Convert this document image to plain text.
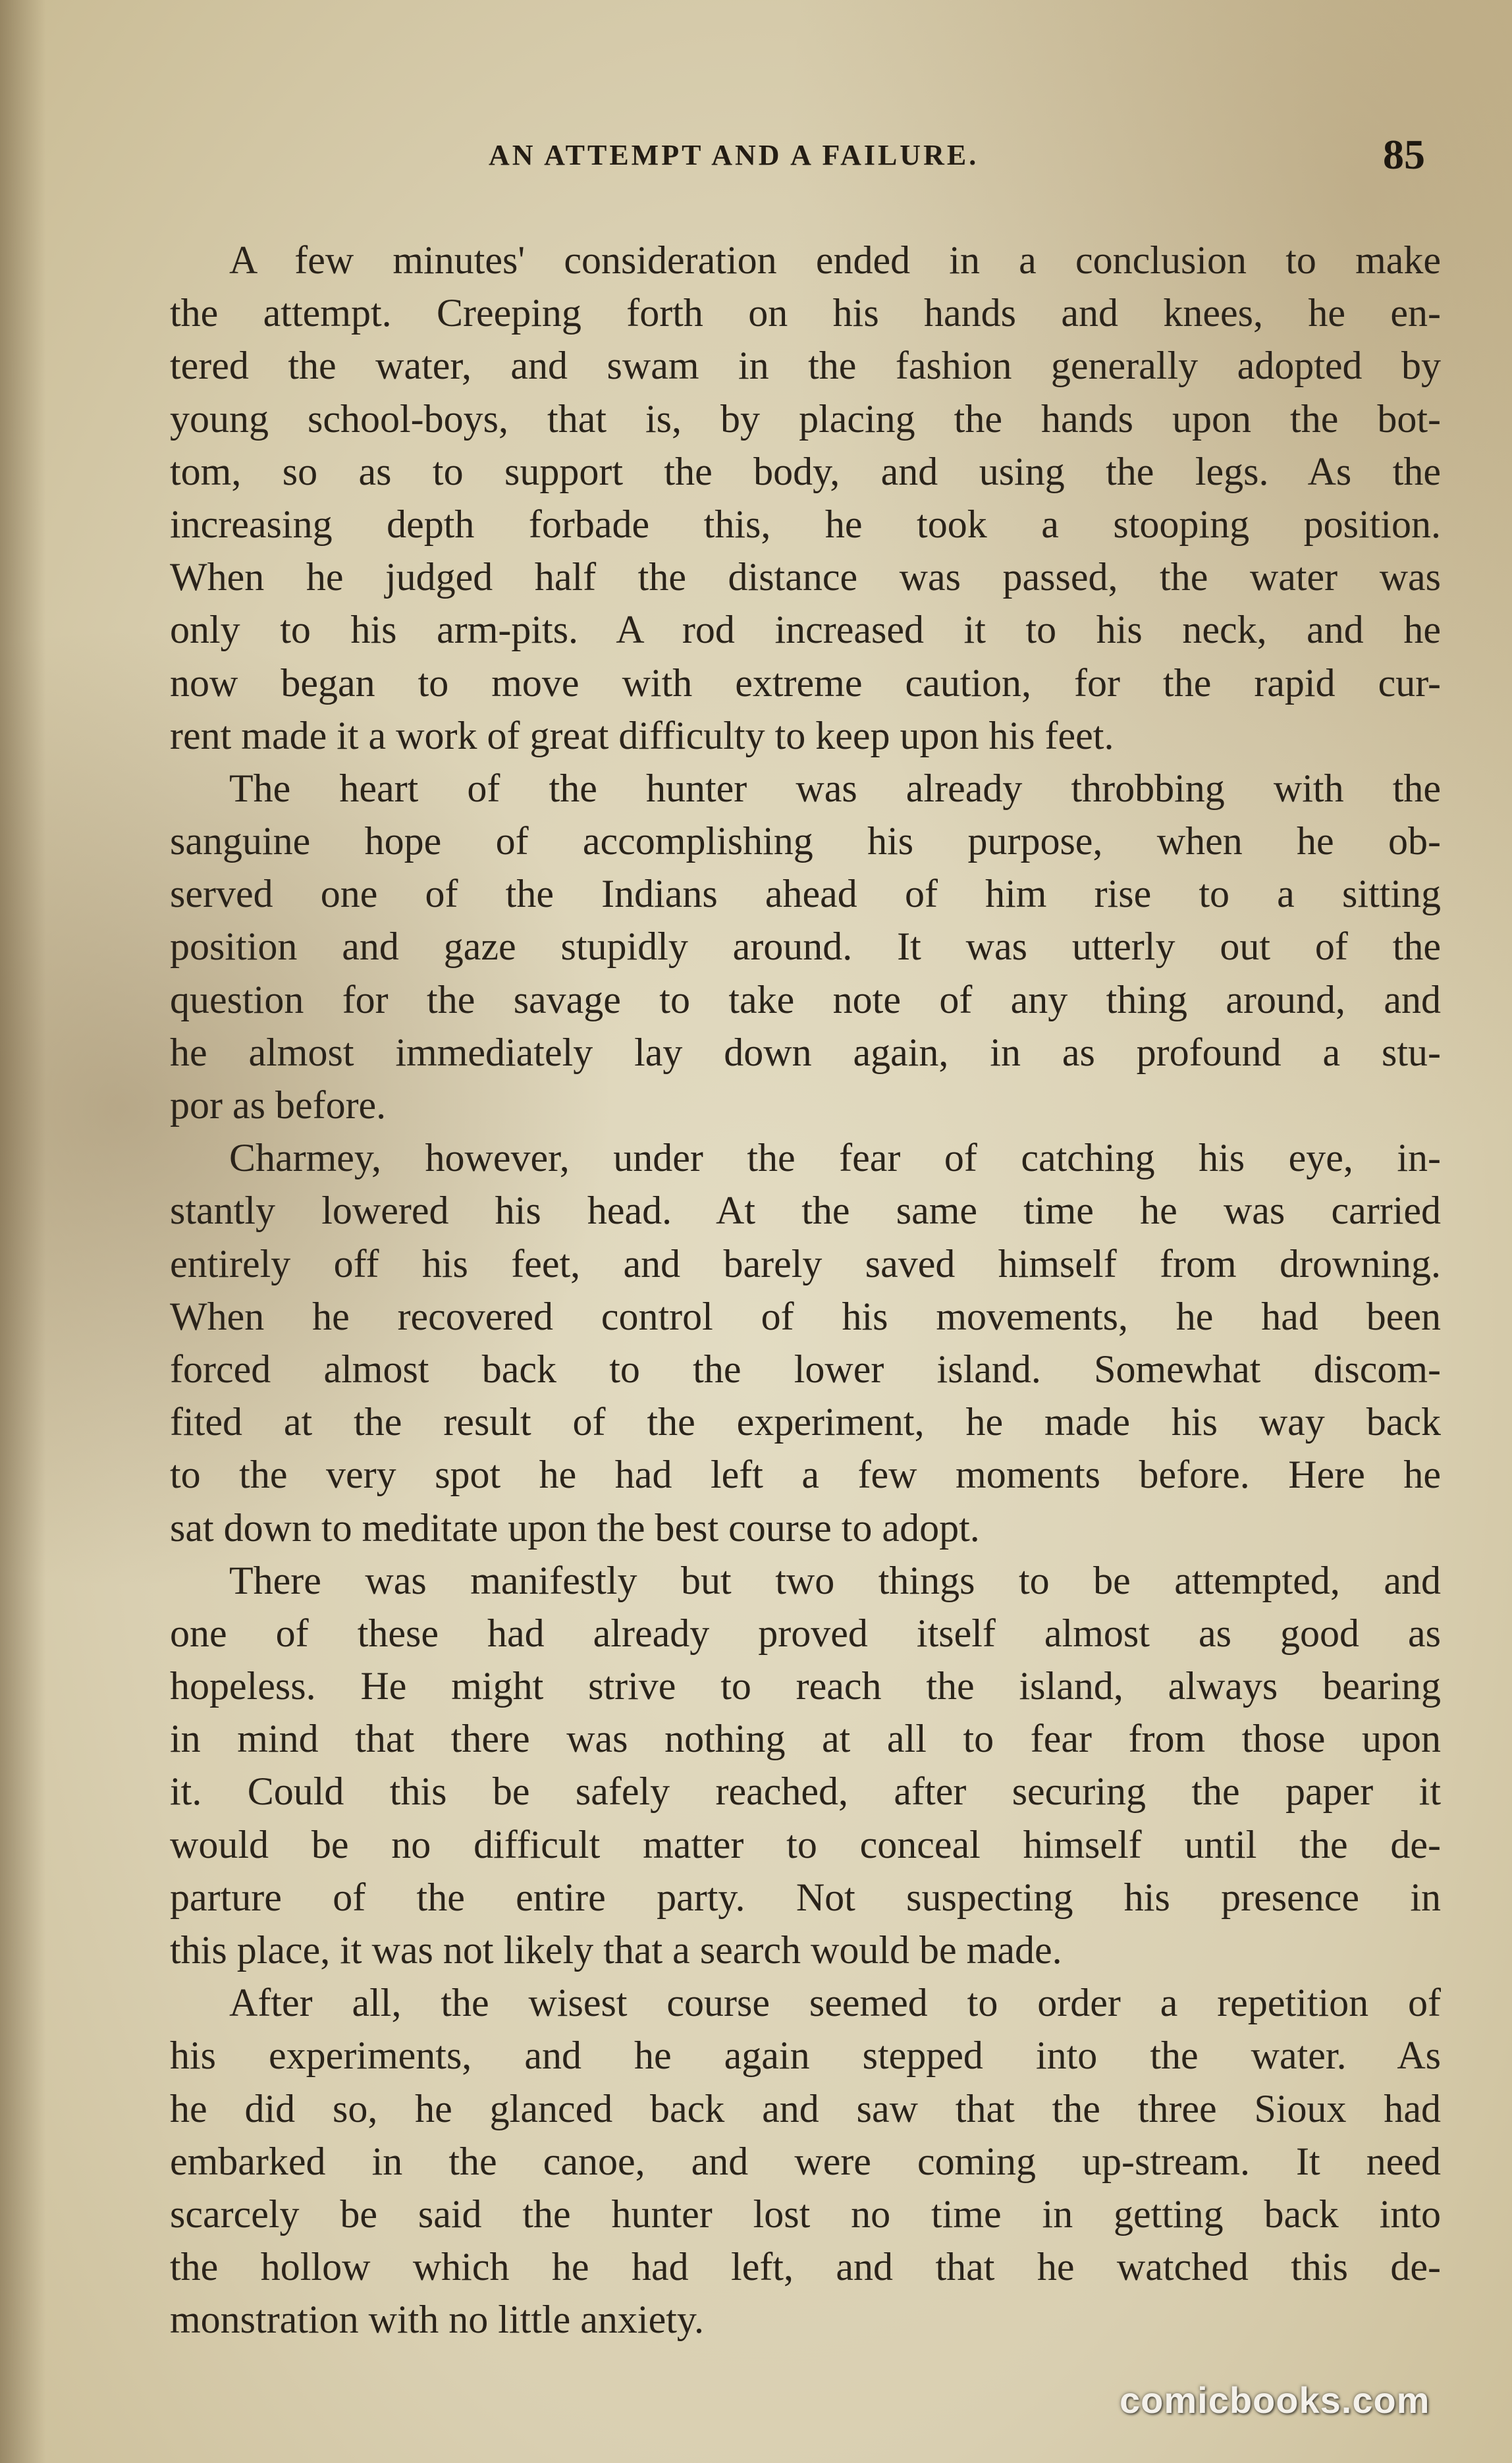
AN ATTEMPT AND A FAILURE.	85

A few minutes' consideration ended in a conclusion to make
the attempt. Creeping forth on his hands and knees, he en-
tered the water, and swam in the fashion generally adopted by
young school-boys, that is, by placing the hands upon the bot-
tom, so as to support the body, and using the legs. As the
increasing depth forbade this, he took a stooping position.
When he judged half the distance was passed, the water was
only to his arm-pits. A rod increased it to his neck, and he
now began to move with extreme caution, for the rapid cur-
rent made it a work of great difficulty to keep upon his feet.

The heart of the hunter was already throbbing with the
sanguine hope of accomplishing his purpose, when he ob-
served one of the Indians ahead of him rise to a sitting
position and gaze stupidly around. It was utterly out of the
question for the savage to take note of any thing around, and
he almost immediately lay down again, in as profound a stu-
por as before.

Charmey, however, under the fear of catching his eye, in-
stantly lowered his head. At the same time he was carried
entirely off his feet, and barely saved himself from drowning.
When he recovered control of his movements, he had been
forced almost back to the lower island. Somewhat discom-
fited at the result of the experiment, he made his way back
to the very spot he had left a few moments before. Here he
sat down to meditate upon the best course to adopt.

There was manifestly but two things to be attempted, and
one of these had already proved itself almost as good as
hopeless. He might strive to reach the island, always bearing
in mind that there was nothing at all to fear from those upon
it. Could this be safely reached, after securing the paper it
would be no difficult matter to conceal himself until the de-
parture of the entire party. Not suspecting his presence in
this place, it was not likely that a search would be made.

After all, the wisest course seemed to order a repetition of
his experiments, and he again stepped into the water. As
he did so, he glanced back and saw that the three Sioux had
embarked in the canoe, and were coming up-stream. It need
scarcely be said the hunter lost no time in getting back into
the hollow which he had left, and that he watched this de-
monstration with no little anxiety.

comicbooks.com
